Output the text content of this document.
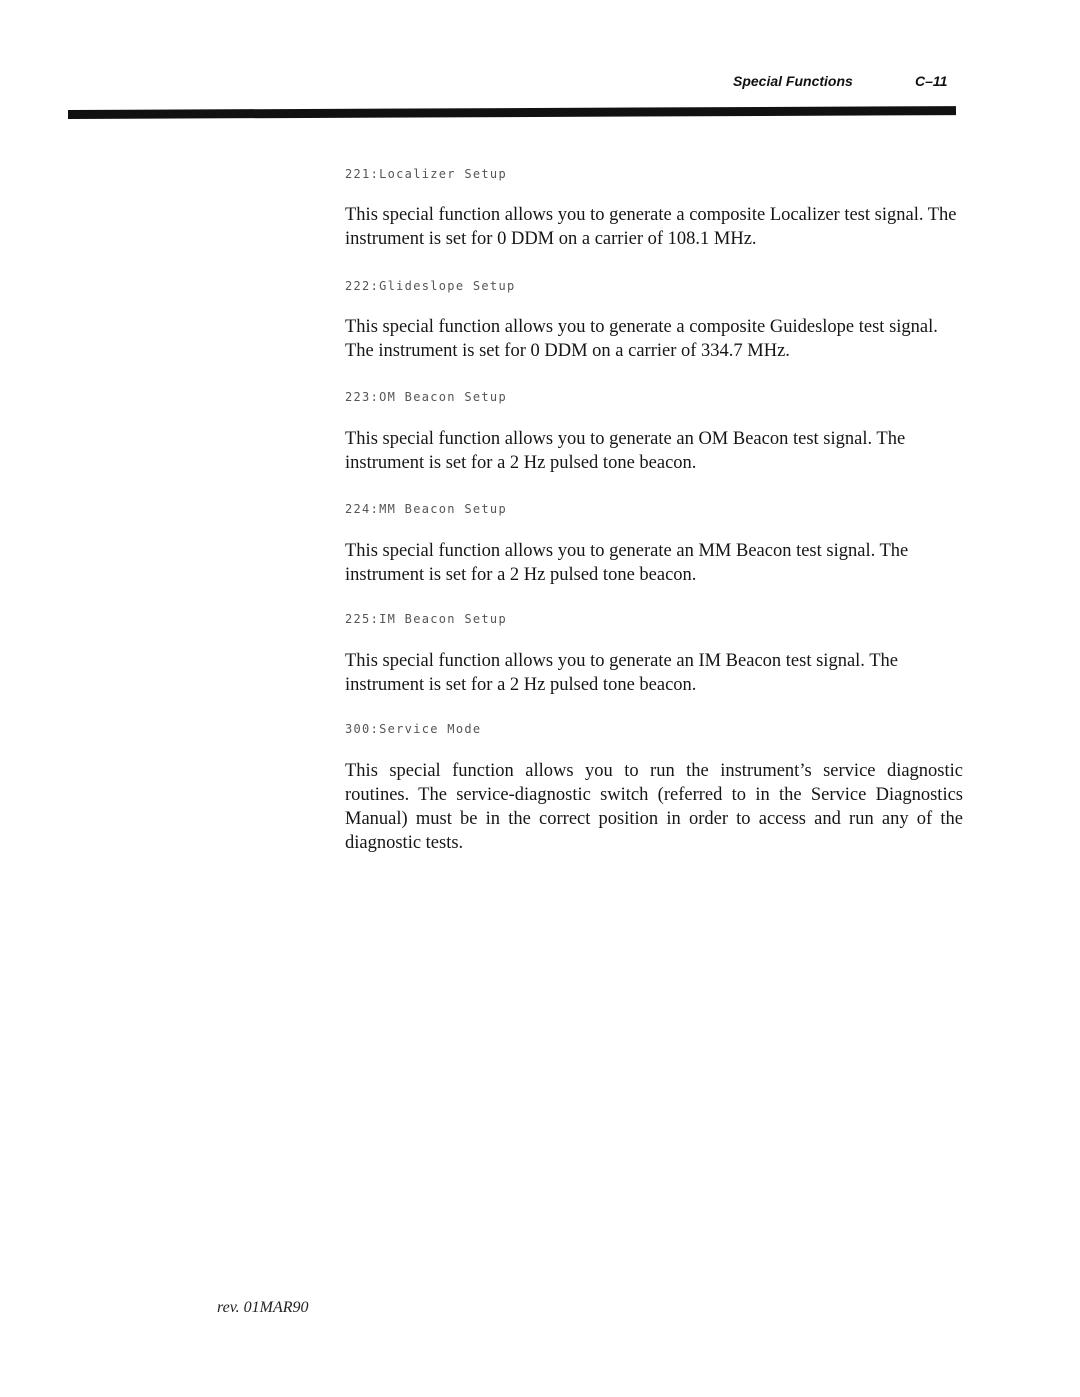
Special Functions	C–11
221:Localizer Setup

This special function allows you to generate a composite Localizer test signal. The instrument is set for 0 DDM on a carrier of 108.1 MHz.

222:Glideslope Setup

This special function allows you to generate a composite Guideslope test signal. The instrument is set for 0 DDM on a carrier of 334.7 MHz.

223:OM Beacon Setup

This special function allows you to generate an OM Beacon test signal. The instrument is set for a 2 Hz pulsed tone beacon.

224:MM Beacon Setup

This special function allows you to generate an MM Beacon test signal. The instrument is set for a 2 Hz pulsed tone beacon.

225:IM Beacon Setup

This special function allows you to generate an IM Beacon test signal. The instrument is set for a 2 Hz pulsed tone beacon.

300:Service Mode

This special function allows you to run the instrument’s service diagnostic routines. The service-diagnostic switch (referred to in the Service Diagnostics Manual) must be in the correct position in order to access and run any of the diagnostic tests.

rev. 01MAR90
